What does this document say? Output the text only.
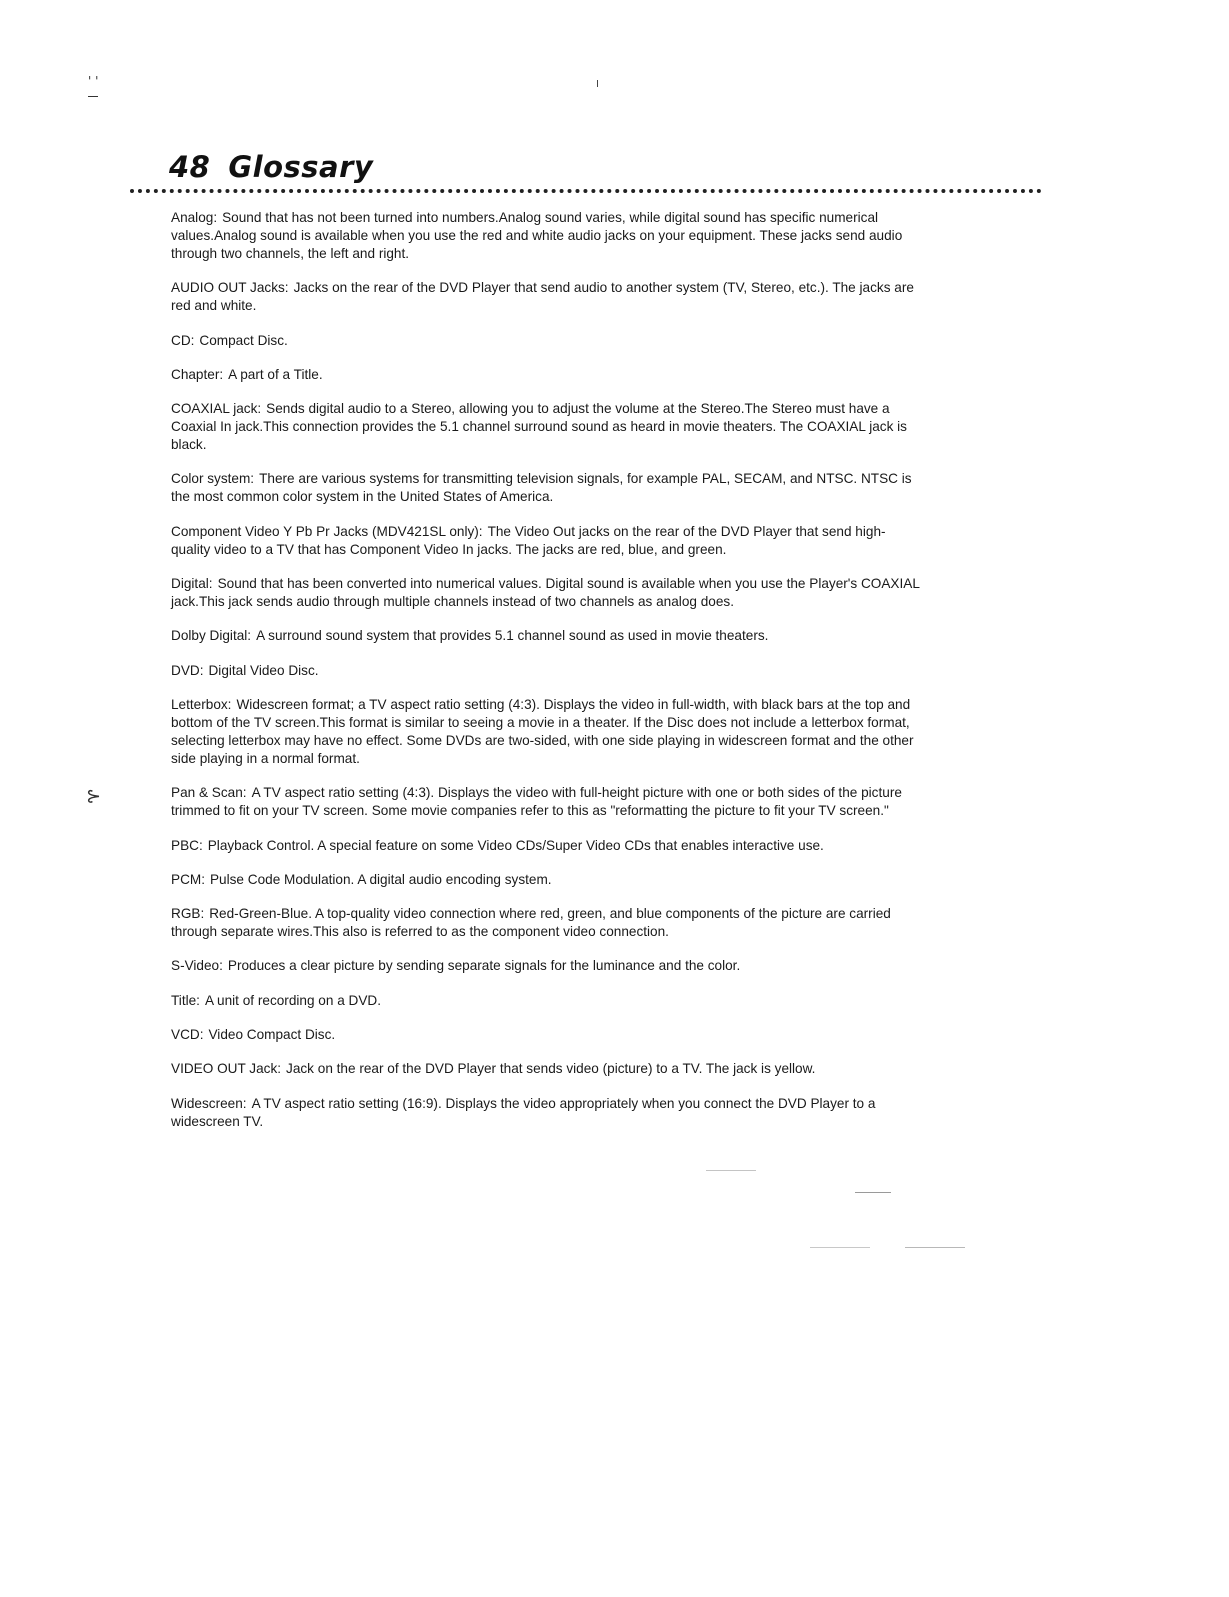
' '
⊱
48 Glossary

Analog: Sound that has not been turned into numbers.Analog sound varies, while digital sound has specific numerical values.Analog sound is available when you use the red and white audio jacks on your equipment. These jacks send audio through two channels, the left and right.

AUDIO OUT Jacks: Jacks on the rear of the DVD Player that send audio to another system (TV, Stereo, etc.). The jacks are red and white.

CD: Compact Disc.

Chapter: A part of a Title.

COAXIAL jack: Sends digital audio to a Stereo, allowing you to adjust the volume at the Stereo.The Stereo must have a Coaxial In jack.This connection provides the 5.1 channel surround sound as heard in movie theaters. The COAXIAL jack is black.

Color system: There are various systems for transmitting television signals, for example PAL, SECAM, and NTSC. NTSC is the most common color system in the United States of America.

Component Video Y Pb Pr Jacks (MDV421SL only): The Video Out jacks on the rear of the DVD Player that send high-quality video to a TV that has Component Video In jacks. The jacks are red, blue, and green.

Digital: Sound that has been converted into numerical values. Digital sound is available when you use the Player's COAXIAL jack.This jack sends audio through multiple channels instead of two channels as analog does.

Dolby Digital: A surround sound system that provides 5.1 channel sound as used in movie theaters.

DVD: Digital Video Disc.

Letterbox: Widescreen format; a TV aspect ratio setting (4:3). Displays the video in full-width, with black bars at the top and bottom of the TV screen.This format is similar to seeing a movie in a theater. If the Disc does not include a letterbox format, selecting letterbox may have no effect. Some DVDs are two-sided, with one side playing in widescreen format and the other side playing in a normal format.

Pan & Scan: A TV aspect ratio setting (4:3). Displays the video with full-height picture with one or both sides of the picture trimmed to fit on your TV screen. Some movie companies refer to this as "reformatting the picture to fit your TV screen."

PBC: Playback Control. A special feature on some Video CDs/Super Video CDs that enables interactive use.

PCM: Pulse Code Modulation. A digital audio encoding system.

RGB: Red-Green-Blue. A top-quality video connection where red, green, and blue components of the picture are carried through separate wires.This also is referred to as the component video connection.

S-Video: Produces a clear picture by sending separate signals for the luminance and the color.

Title: A unit of recording on a DVD.

VCD: Video Compact Disc.

VIDEO OUT Jack: Jack on the rear of the DVD Player that sends video (picture) to a TV. The jack is yellow.

Widescreen: A TV aspect ratio setting (16:9). Displays the video appropriately when you connect the DVD Player to a widescreen TV.
